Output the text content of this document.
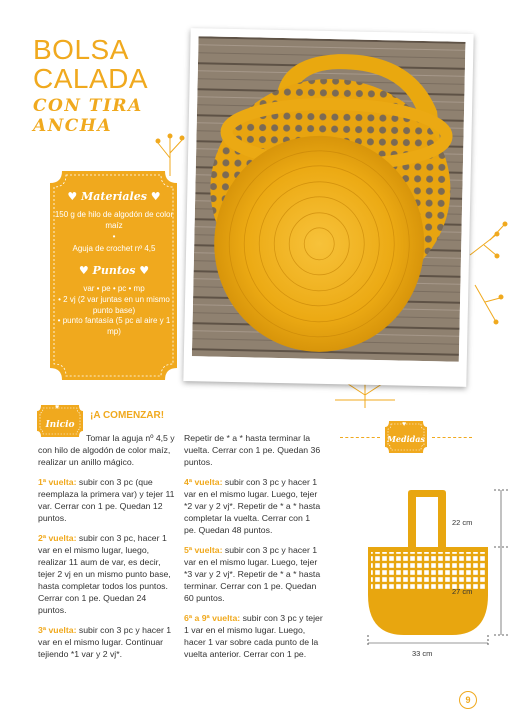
BOLSA
CALADA
CON TIRA
ANCHA
♥ Materiales ♥
150 g de hilo de algodón de color maíz
•
Aguja de crochet nº 4,5
♥ Puntos ♥
var • pe • pc • mp
• 2 vj (2 var juntas en un mismo punto base)
• punto fantasía (5 pc al aire y 1 mp)
♥
Inicio
¡A COMENZAR!

Tomar la aguja nº 4,5 y con hilo de algodón de color maíz, realizar un anillo mágico.

1ª vuelta: subir con 3 pc (que reemplaza la primera var) y tejer 11 var. Cerrar con 1 pe. Quedan 12 puntos.

2ª vuelta: subir con 3 pc, hacer 1 var en el mismo lugar, luego, realizar 11 aum de var, es decir, tejer 2 vj en un mismo punto base, hasta completar todos los puntos. Cerrar con 1 pe. Quedan 24 puntos.

3ª vuelta: subir con 3 pc y hacer 1 var en el mismo lugar. Continuar tejiendo *1 var y 2 vj*.

Repetir de * a * hasta terminar la vuelta. Cerrar con 1 pe. Quedan 36 puntos.

4ª vuelta: subir con 3 pc y hacer 1 var en el mismo lugar. Luego, tejer *2 var y 2 vj*. Repetir de * a * hasta completar la vuelta. Cerrar con 1 pe. Quedan 48 puntos.

5ª vuelta: subir con 3 pc y hacer 1 var en el mismo lugar. Luego, tejer *3 var y 2 vj*. Repetir de * a * hasta terminar. Cerrar con 1 pe. Quedan 60 puntos.

6ª a 9ª vuelta: subir con 3 pc y tejer 1 var en el mismo lugar. Luego, hacer 1 var sobre cada punto de la vuelta anterior. Cerrar con 1 pe.

♥
Medidas
22 cm
27 cm
33 cm
9
